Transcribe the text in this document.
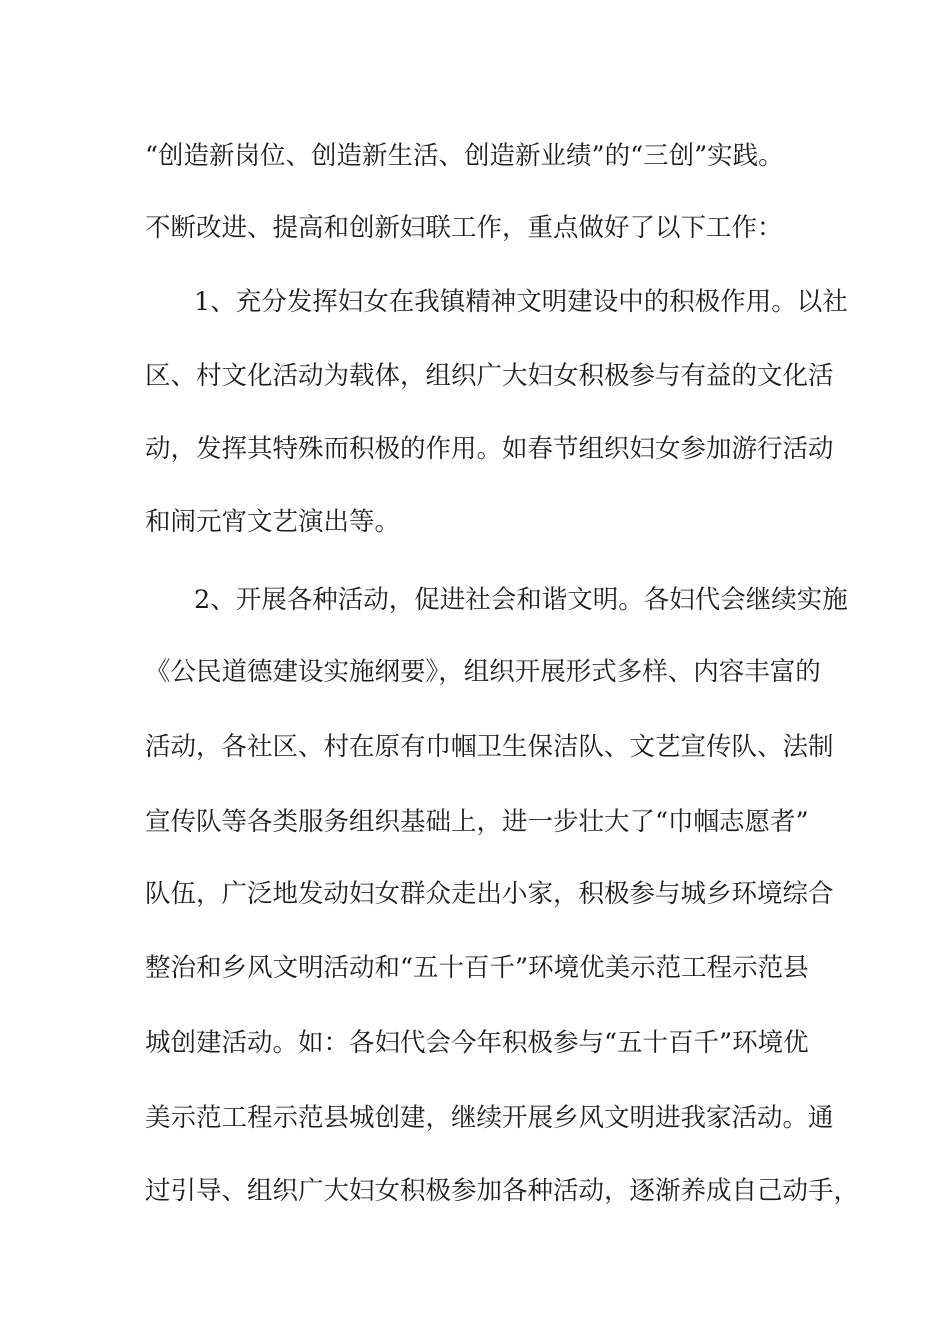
“创造新岗位、创造新生活、创造新业绩”的“三创”实践。
不断改进、提高和创新妇联工作，重点做好了以下工作：
1、充分发挥妇女在我镇精神文明建设中的积极作用。以社
区、村文化活动为载体，组织广大妇女积极参与有益的文化活
动，发挥其特殊而积极的作用。如春节组织妇女参加游行活动
和闹元宵文艺演出等。
2、开展各种活动，促进社会和谐文明。各妇代会继续实施
《公民道德建设实施纲要》，组织开展形式多样、内容丰富的
活动，各社区、村在原有巾帼卫生保洁队、文艺宣传队、法制
宣传队等各类服务组织基础上，进一步壮大了“巾帼志愿者”
队伍，广泛地发动妇女群众走出小家，积极参与城乡环境综合
整治和乡风文明活动和“五十百千”环境优美示范工程示范县
城创建活动。如：各妇代会今年积极参与“五十百千”环境优
美示范工程示范县城创建，继续开展乡风文明进我家活动。通
过引导、组织广大妇女积极参加各种活动，逐渐养成自己动手，
